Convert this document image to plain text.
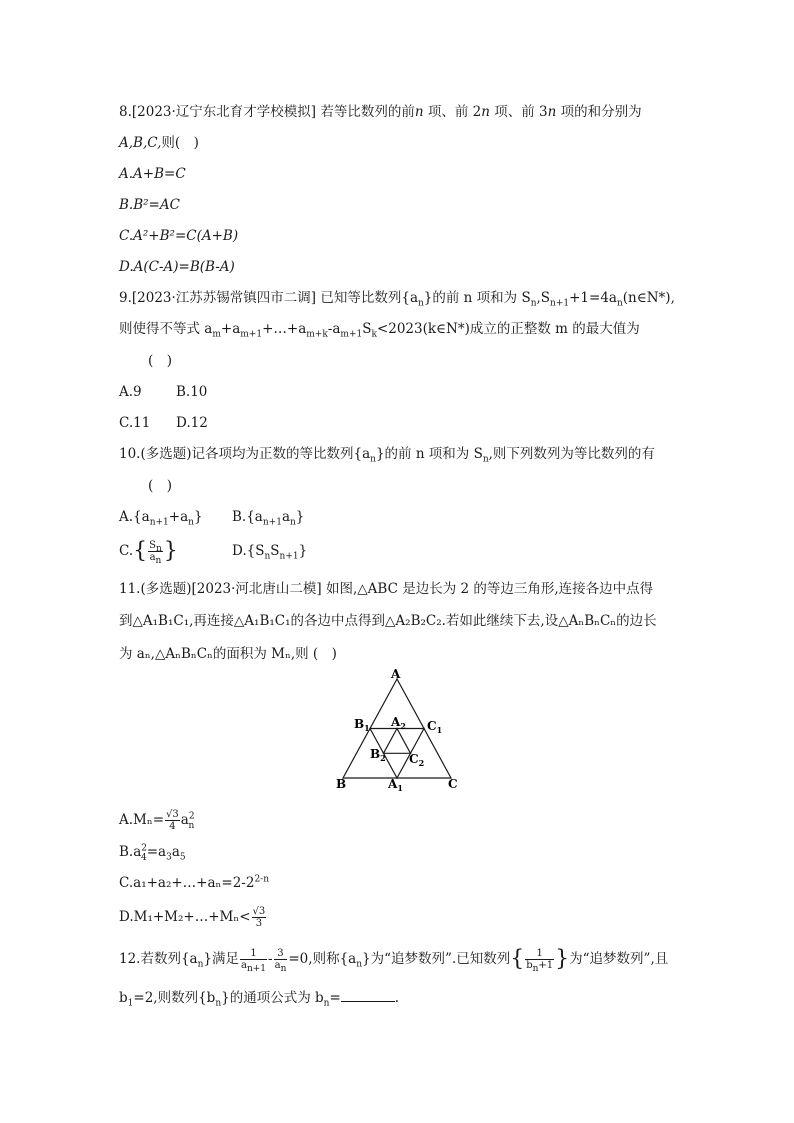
8.[2023·辽宁东北育才学校模拟] 若等比数列的前n 项、前 2n 项、前 3n 项的和分别为
A,B,C,则(　)
A.A+B=C
B.B²=AC
C.A²+B²=C(A+B)
D.A(C-A)=B(B-A)
9.[2023·江苏苏锡常镇四市二调] 已知等比数列$\{a_n\}$的前 n 项和为 $S_n,S_{n+1}+1=4a_n(n\in N*)$,
则使得不等式 $a_m+a_{m+1}+\dots+a_{m+k}-a_{m+1}S_k<2023(k\in N*)$成立的正整数 m 的最大值为
(　)
A.9	B.10
C.11 D.12
10.(多选题)记各项均为正数的等比数列$\{a_n\}$的前 n 项和为 $S_n$,则下列数列为等比数列的有
(　)
$A.\{a_{n+1}+a_n\}$ $B.\{a_{n+1}a_n\}$
$C.\{ \frac{S_n}{a_n}$ }	$D.\{S_nS_{n+1}\}$
11.(多选题)[2023·河北唐山二模] 如图,△ABC 是边长为 2 的等边三角形,连接各边中点得
到△A₁B₁C₁,再连接△A₁B₁C₁的各边中点得到△A₂B₂C₂.若如此继续下去,设△AₙBₙCₙ的边长
为 aₙ,△AₙBₙCₙ的面积为 Mₙ,则 (　)
A
B	C
$B_1$ $A_2$ $C_1$
$B_2$ $C_2$
$A_1$
$A.M_n= \frac{√3}{4} a^2_n$
$B.a^2_4=a_3a_5$
$C.a_1+a_2+\dots+a_n=2-2^{2-n}$
D.M₁+M₂+…+Mₙ< $\frac{√3}{3}$
12.若数列$\{a_n\}$满足 $\frac{1}{a_{n+1}} - \frac{3}{a_n} =0$,则称$\{a_n\}$为“追梦数列”.已知数列{ $\frac{1}{b_n+1}$ }为“追梦数列”,且
$b_1=2$,则数列$\{b_n\}$的通项公式为 $b_n=$	.
